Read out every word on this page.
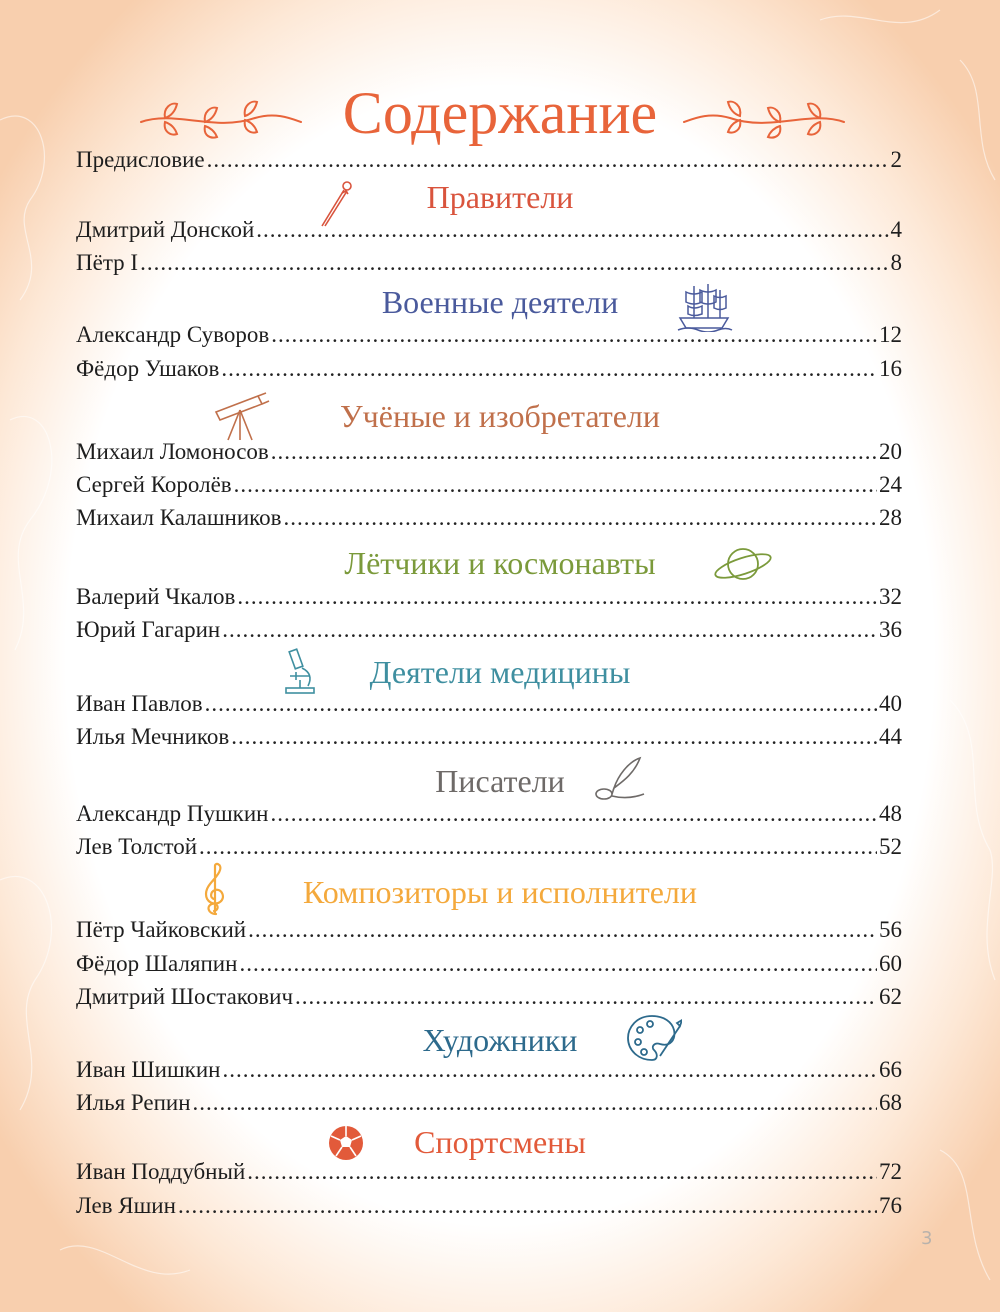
Содержание
Предисловие .....	2
Правители
Дмитрий Донской .....	4
Пётр I .....	8
Военные деятели
Александр Суворов .....	12
Фёдор Ушаков .....	16
Учёные и изобретатели
Михаил Ломоносов .....	20
Сергей Королёв .....	24
Михаил Калашников .....	28
Лётчики и космонавты
Валерий Чкалов .....	32
Юрий Гагарин .....	36
Деятели медицины
Иван Павлов .....	40
Илья Мечников .....	44
Писатели
Александр Пушкин .....	48
Лев Толстой .....	52
Композиторы и исполнители
Пётр Чайковский .....	56
Фёдор Шаляпин .....	60
Дмитрий Шостакович .....	62
Художники
Иван Шишкин .....	66
Илья Репин .....	68
Спортсмены
Иван Поддубный .....	72
Лев Яшин .....	76
3
